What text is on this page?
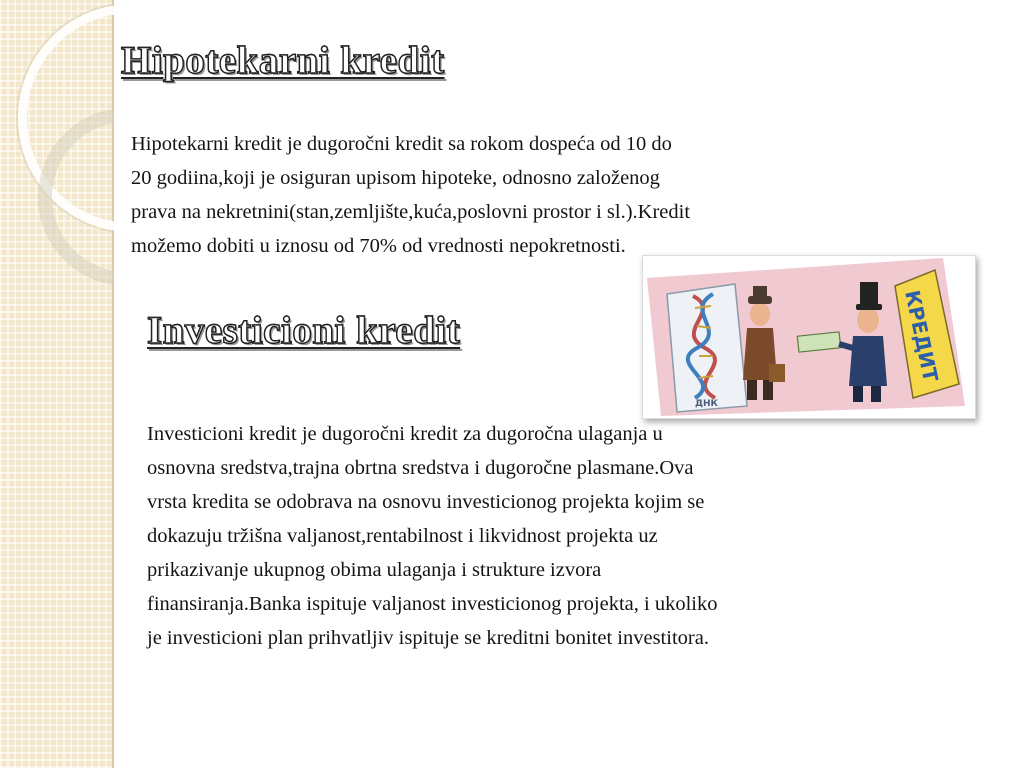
Hipotekarni kredit

Hipotekarni kredit je dugoročni kredit sa rokom dospeća od 10 do
20 godiina,koji je osiguran upisom hipoteke, odnosno založenog
prava na nekretnini(stan,zemljište,kuća,poslovni prostor i sl.).Kredit
možemo dobiti u iznosu od 70% od vrednosti nepokretnosti.

Investicioni kredit
ДНК
КРЕДИТ

Investicioni kredit je dugoročni kredit za dugoročna ulaganja u
osnovna sredstva,trajna obrtna sredstva i dugoročne plasmane.Ova
vrsta kredita se odobrava na osnovu investicionog projekta kojim se
dokazuju tržišna valjanost,rentabilnost i likvidnost projekta uz
prikazivanje ukupnog obima ulaganja i strukture izvora
finansiranja.Banka ispituje valjanost investicionog projekta, i ukoliko
je investicioni plan prihvatljiv ispituje se kreditni bonitet investitora.
